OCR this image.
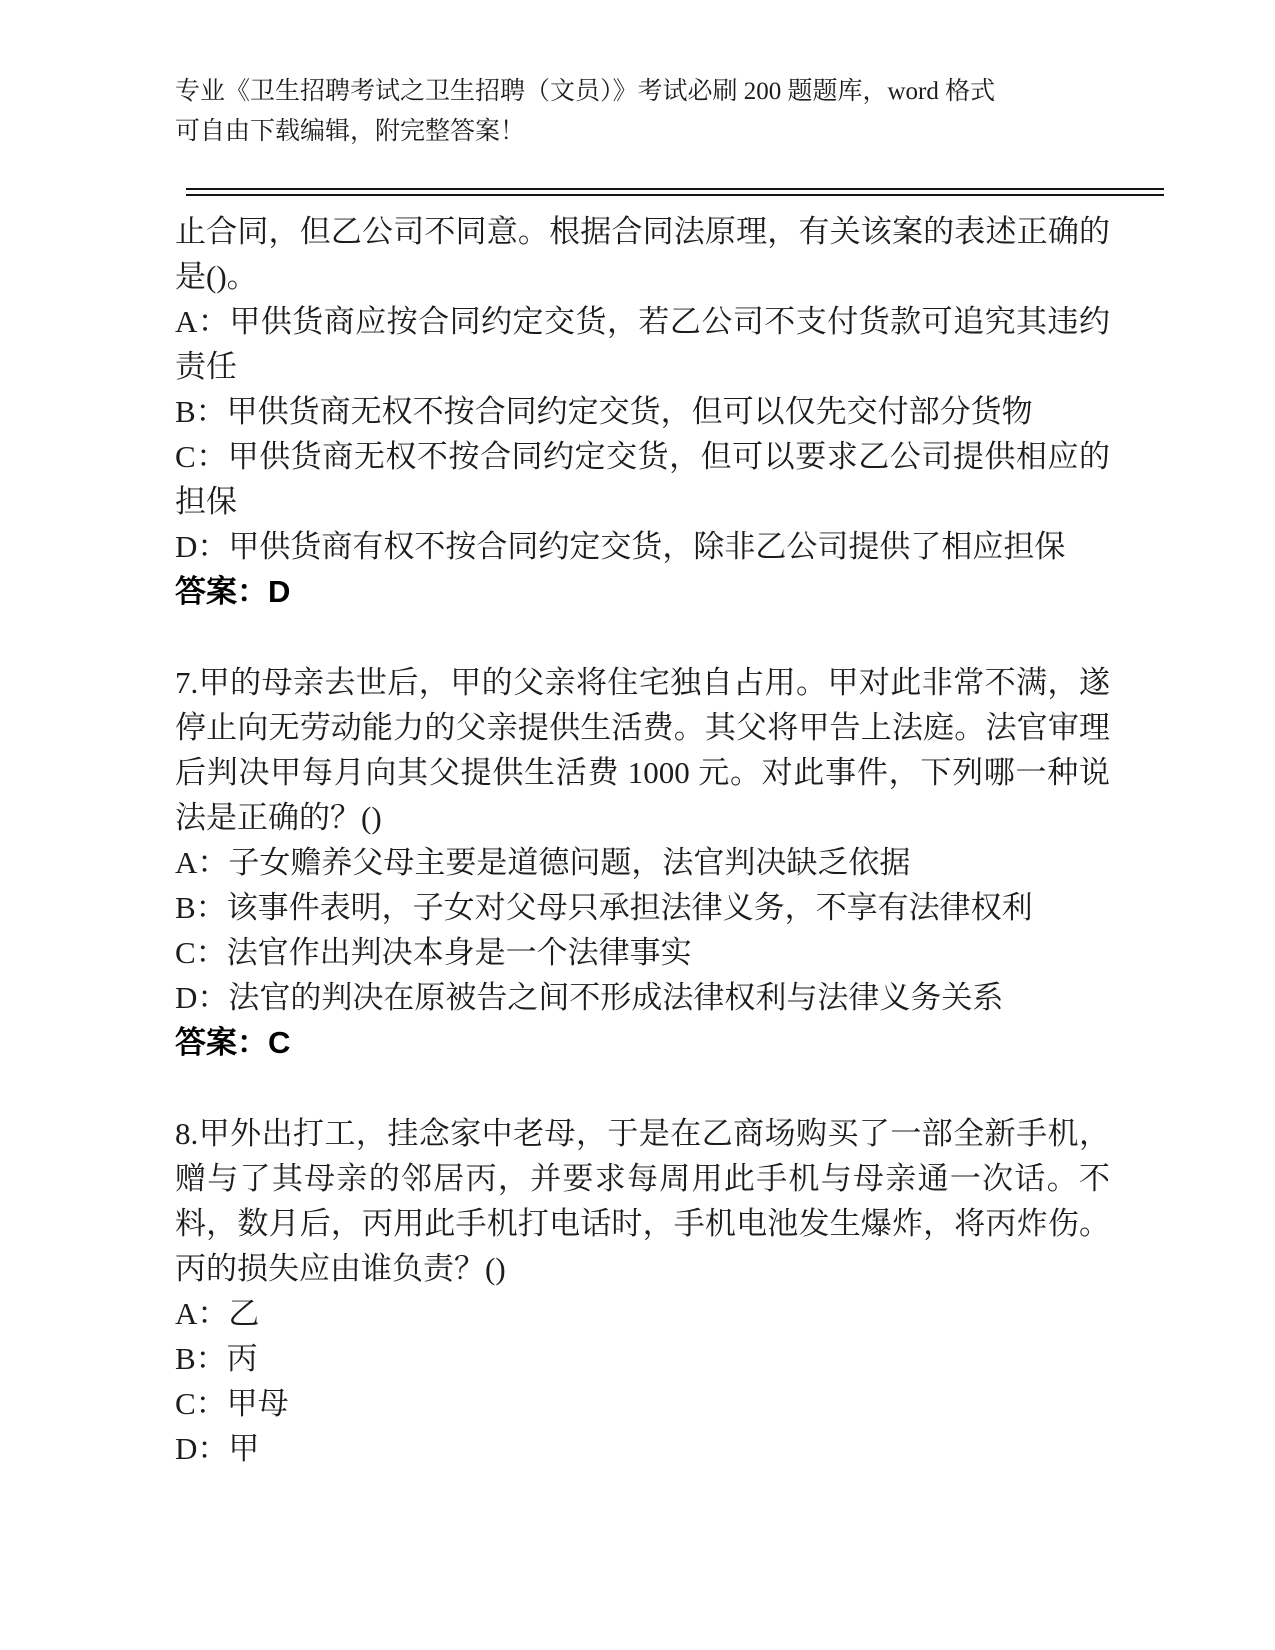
专业《卫生招聘考试之卫生招聘（文员）》考试必刷 200 题题库，word 格式可自由下载编辑，附完整答案！

止合同，但乙公司不同意。根据合同法原理，有关该案的表述正确的是()。

A：甲供货商应按合同约定交货，若乙公司不支付货款可追究其违约责任

B：甲供货商无权不按合同约定交货，但可以仅先交付部分货物

C：甲供货商无权不按合同约定交货，但可以要求乙公司提供相应的担保

D：甲供货商有权不按合同约定交货，除非乙公司提供了相应担保

答案：D

7.甲的母亲去世后，甲的父亲将住宅独自占用。甲对此非常不满，遂停止向无劳动能力的父亲提供生活费。其父将甲告上法庭。法官审理后判决甲每月向其父提供生活费 1000 元。对此事件，下列哪一种说法是正确的？()

A：子女赡养父母主要是道德问题，法官判决缺乏依据

B：该事件表明，子女对父母只承担法律义务，不享有法律权利

C：法官作出判决本身是一个法律事实

D：法官的判决在原被告之间不形成法律权利与法律义务关系

答案：C

8.甲外出打工，挂念家中老母，于是在乙商场购买了一部全新手机，赠与了其母亲的邻居丙，并要求每周用此手机与母亲通一次话。不料，数月后，丙用此手机打电话时，手机电池发生爆炸，将丙炸伤。丙的损失应由谁负责？()

A：乙

B：丙

C：甲母

D：甲
